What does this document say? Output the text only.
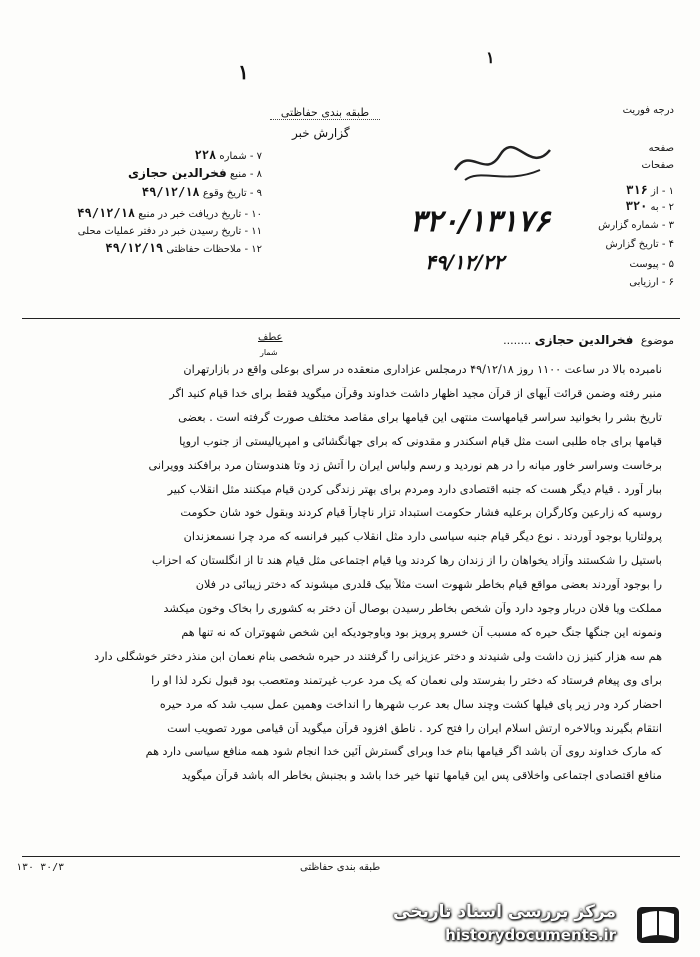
۱
۱
درجه فوریت
طبقه بندی حفاظتی
گزارش خبر
۷ - شماره ۲۲۸
۸ - منبع فخرالدین حجازی
۹ - تاریخ وقوع ۴۹/۱۲/۱۸
۱۰ - تاریخ دریافت خبر در منبع ۴۹/۱۲/۱۸
۱۱ - تاریخ رسیدن خبر در دفتر عملیات محلی
۱۲ - ملاحظات حفاظتی ۴۹/۱۲/۱۹
صفحه
صفحات
۱ - از ۳۱۶
۲ - به ۳۲۰
۳ - شماره گزارش
۴ - تاریخ گزارش
۵ - پیوست
۶ - ارزیابی
۳۲۰/۱۳۱۷۶
۴۹/۱۲/۲۲
موضوع فخرالدین حجازی ........
عطف
شمار
نامبرده بالا در ساعت ۱۱۰۰ روز ۴۹/۱۲/۱۸ درمجلس عزاداری منعقده در سرای بوعلی واقع در بازارتهران
منبر رفته وضمن قرائت آیهای از قرآن مجید اظهار داشت خداوند وقرآن میگوید فقط برای خدا قیام کنید اگر
تاریخ بشر را بخوانید سراسر قیامهاست منتهی این قیامها برای مقاصد مختلف صورت گرفته است . بعضی
قیامها برای جاه طلبی است مثل قیام اسکندر و مقدونی که برای جهانگشائی و امپریالیستی از جنوب اروپا
برخاست وسراسر خاور میانه را در هم نوردید و رسم ولباس ایران را آتش زد وتا هندوستان مرد برافکند وویرانی
ببار آورد . قیام دیگر هست که جنبه اقتصادی دارد ومردم برای بهتر زندگی کردن قیام میکنند مثل انقلاب کبیر
روسیه که زارعین وکارگران برعلیه فشار حکومت استبداد تزار ناچاراً قیام کردند وبقول خود شان حکومت
پرولتاریا بوجود آوردند . نوع دیگر قیام جنبه سیاسی دارد مثل انقلاب کبیر فرانسه که مرد چرا نسمعزندان
باستیل را شکستند وآزاد یخواهان را از زندان رها کردند ویا قیام اجتماعی مثل قیام هند تا از انگلستان که احزاب
را بوجود آوردند بعضی مواقع قیام بخاطر شهوت است مثلاً بیک قلدری میشوند که دختر زیبائی در فلان
مملکت ویا فلان دربار وجود دارد وآن شخص بخاطر رسیدن بوصال آن دختر به کشوری را بخاک وخون میکشد
ونمونه این جنگها جنگ حیره که مسبب آن خسرو پرویز بود وباوجودیکه این شخص شهوتران که نه تنها هم
هم سه هزار کنیز زن داشت ولی شنیدند و دختر عزیزانی را گرفتند در حیره شخصی بنام نعمان ابن منذر دختر خوشگلی دارد
برای وی پیغام فرستاد که دختر را بفرستد ولی نعمان که یک مرد عرب غیرتمند ومتعصب بود قبول نکرد لذا او را
احضار کرد ودر زیر پای فیلها کشت وچند سال بعد عرب شهرها را انداخت وهمین عمل سبب شد که مرد حیره
انتقام بگیرند وبالاخره ارتش اسلام ایران را فتح کرد . ناطق افزود قرآن میگوید آن قیامی مورد تصویب است
که مارک خداوند روی آن باشد اگر قیامها بنام خدا وبرای گسترش آئین خدا انجام شود همه منافع سیاسی دارد هم
منافع اقتصادی اجتماعی واخلاقی پس این قیامها تنها خیر خدا باشد و بجنبش بخاطر اله باشد قرآن میگوید
طبقه بندی حفاظتی
۳۰/۳ ۱۳۰
مرکز بررسی اسناد تاریخی
historydocuments.ir
